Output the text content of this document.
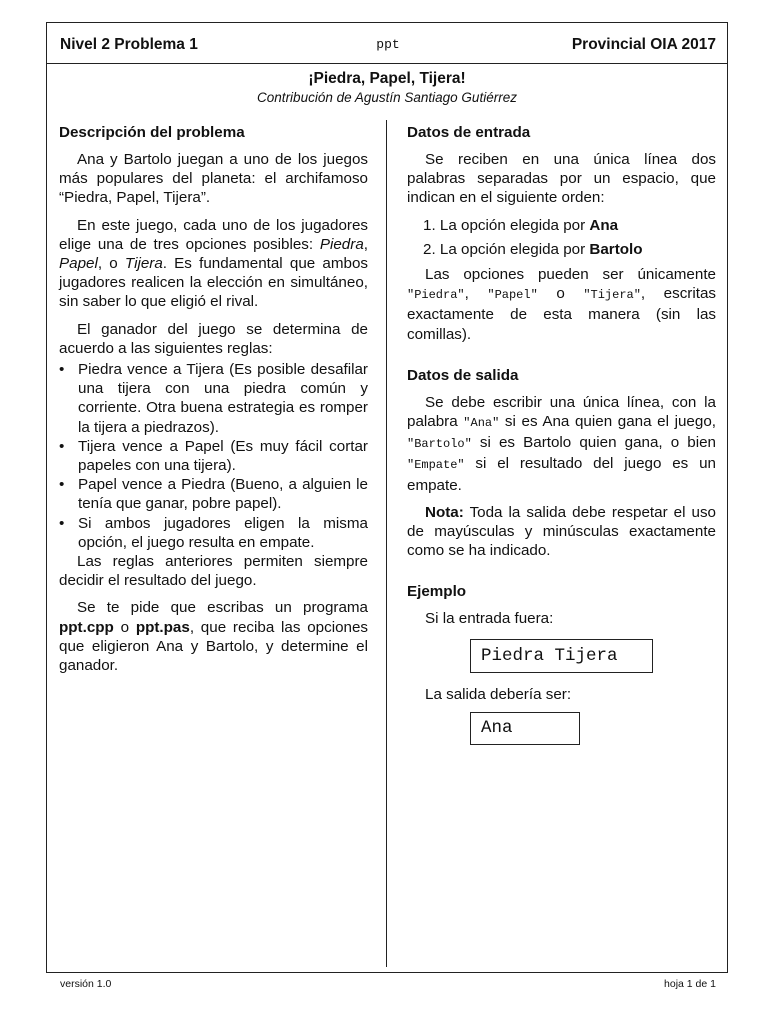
Nivel 2 Problema 1	ppt	Provincial OIA 2017
¡Piedra, Papel, Tijera!
Contribución de Agustín Santiago Gutiérrez
Descripción del problema

Ana y Bartolo juegan a uno de los juegos más populares del planeta: el archifamoso “Piedra, Papel, Tijera”.

En este juego, cada uno de los jugadores elige una de tres opciones posibles: Piedra, Papel, o Tijera. Es fundamental que ambos jugadores realicen la elección en simultáneo, sin saber lo que eligió el rival.

El ganador del juego se determina de acuerdo a las siguientes reglas:

• Piedra vence a Tijera (Es posible desafilar una tijera con una piedra común y corriente. Otra buena estrategia es romper la tijera a piedrazos).
• Tijera vence a Papel (Es muy fácil cortar papeles con una tijera).
• Papel vence a Piedra (Bueno, a alguien le tenía que ganar, pobre papel).
• Si ambos jugadores eligen la misma opción, el juego resulta en empate.

Las reglas anteriores permiten siempre decidir el resultado del juego.

Se te pide que escribas un programa ppt.cpp o ppt.pas, que reciba las opciones que eligieron Ana y Bartolo, y determine el ganador.

Datos de entrada

Se reciben en una única línea dos palabras separadas por un espacio, que indican en el siguiente orden:

1. La opción elegida por Ana
2. La opción elegida por Bartolo

Las opciones pueden ser únicamente "Piedra", "Papel" o "Tijera", escritas exactamente de esta manera (sin las comillas).

Datos de salida

Se debe escribir una única línea, con la palabra "Ana" si es Ana quien gana el juego, "Bartolo" si es Bartolo quien gana, o bien "Empate" si el resultado del juego es un empate.

Nota: Toda la salida debe respetar el uso de mayúsculas y minúsculas exactamente como se ha indicado.

Ejemplo

Si la entrada fuera:

Piedra Tijera

La salida debería ser:

Ana
versión 1.0	hoja 1 de 1
